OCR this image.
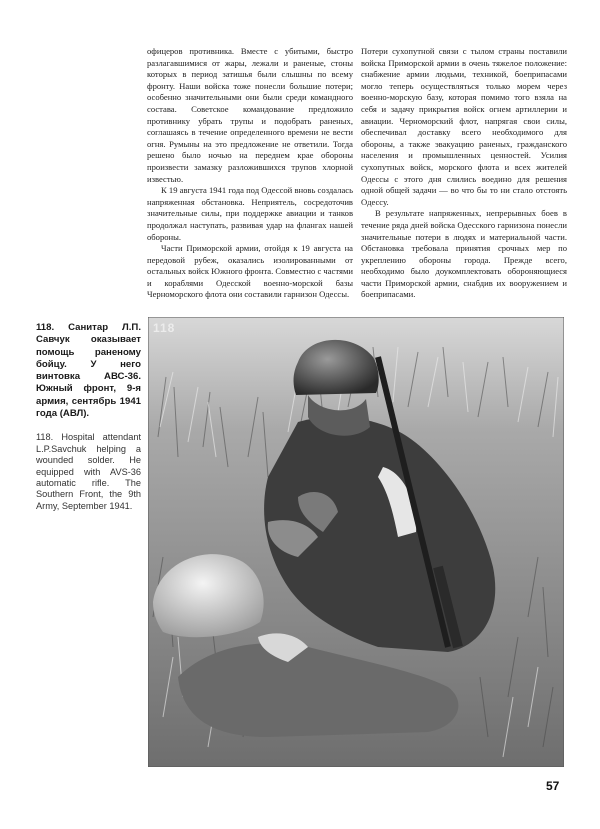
офицеров противника. Вместе с убитыми, быстро разлагавшимися от жары, лежали и раненые, стоны которых в период затишья были слышны по всему фронту. Наши войска тоже понесли большие потери; особенно значительными они были среди командного состава. Советское командование предложило противнику убрать трупы и подобрать раненых, соглашаясь в течение определенного времени не вести огня. Румыны на это предложение не ответили. Тогда решено было ночью на переднем крае обороны произвести замазку разложившихся трупов хлорной известью.

К 19 августа 1941 года под Одессой вновь создалась напряженная обстановка. Неприятель, сосредоточив значительные силы, при поддержке авиации и танков продолжал наступать, развивая удар на флангах нашей обороны.

Части Приморской армии, отойдя к 19 августа на передовой рубеж, оказались изолированными от остальных войск Южного фронта. Совместно с частями и кораблями Одесской военно-морской базы Черноморского флота они составили гарнизон Одессы.

Потери сухопутной связи с тылом страны поставили войска Приморской армии в очень тяжелое положение: снабжение армии людьми, техникой, боеприпасами могло теперь осуществляться только морем через военно-морскую базу, которая помимо того взяла на себя и задачу прикрытия войск огнем артиллерии и авиации. Черноморский флот, напрягая свои силы, обеспечивал доставку всего необходимого для обороны, а также эвакуацию раненых, гражданского населения и промышленных ценностей. Усилия сухопутных войск, морского флота и всех жителей Одессы с этого дня слились воедино для решения одной общей задачи — во что бы то ни стало отстоять Одессу.

В результате напряженных, непрерывных боев в течение ряда дней войска Одесского гарнизона понесли значительные потери в людях и материальной части. Обстановка требовала принятия срочных мер по укреплению обороны города. Прежде всего, необходимо было доукомплектовать обороняющиеся части Приморской армии, снабдив их вооружением и боеприпасами.

118. Санитар Л.П. Савчук оказывает помощь раненому бойцу. У него винтовка АВС-36. Южный фронт, 9-я армия, сентябрь 1941 года (АВЛ).

118. Hospital attendant L.P.Savchuk helping a wounded solder. He equipped with AVS-36 automatic rifle. The Southern Front, the 9th Army, September 1941.

118
57
